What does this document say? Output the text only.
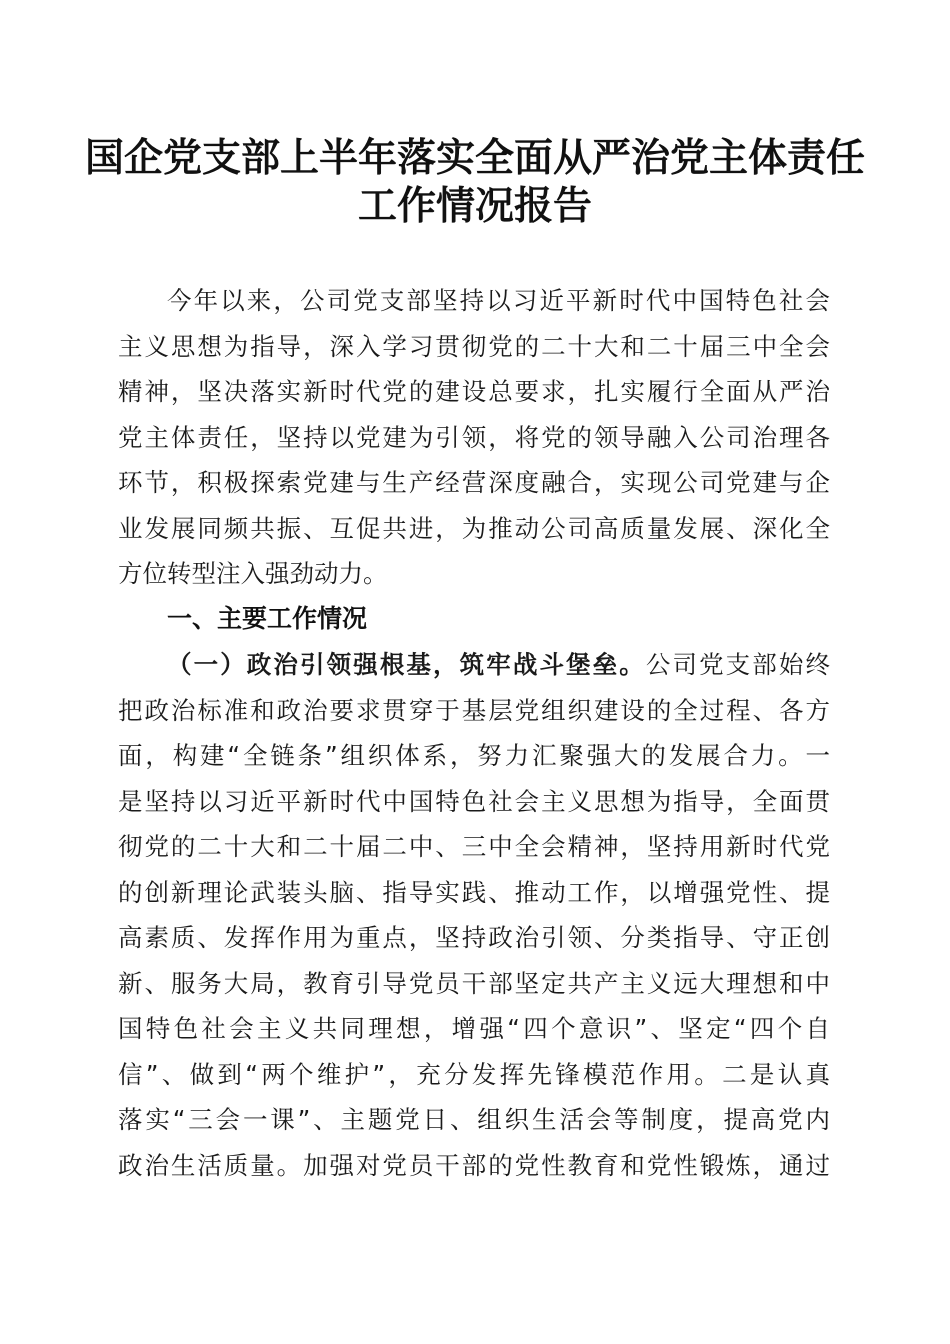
国企党支部上半年落实全面从严治党主体责任
工作情况报告
今年以来，公司党支部坚持以习近平新时代中国特色社会
主义思想为指导，深入学习贯彻党的二十大和二十届三中全会
精神，坚决落实新时代党的建设总要求，扎实履行全面从严治
党主体责任，坚持以党建为引领，将党的领导融入公司治理各
环节，积极探索党建与生产经营深度融合，实现公司党建与企
业发展同频共振、互促共进，为推动公司高质量发展、深化全
方位转型注入强劲动力。
一、主要工作情况
（一）政治引领强根基，筑牢战斗堡垒。公司党支部始终
把政治标准和政治要求贯穿于基层党组织建设的全过程、各方
面，构建“全链条”组织体系，努力汇聚强大的发展合力。一
是坚持以习近平新时代中国特色社会主义思想为指导，全面贯
彻党的二十大和二十届二中、三中全会精神，坚持用新时代党
的创新理论武装头脑、指导实践、推动工作，以增强党性、提
高素质、发挥作用为重点，坚持政治引领、分类指导、守正创
新、服务大局，教育引导党员干部坚定共产主义远大理想和中
国特色社会主义共同理想，增强“四个意识”、坚定“四个自
信”、做到“两个维护”，充分发挥先锋模范作用。二是认真
落实“三会一课”、主题党日、组织生活会等制度，提高党内
政治生活质量。加强对党员干部的党性教育和党性锻炼，通过
